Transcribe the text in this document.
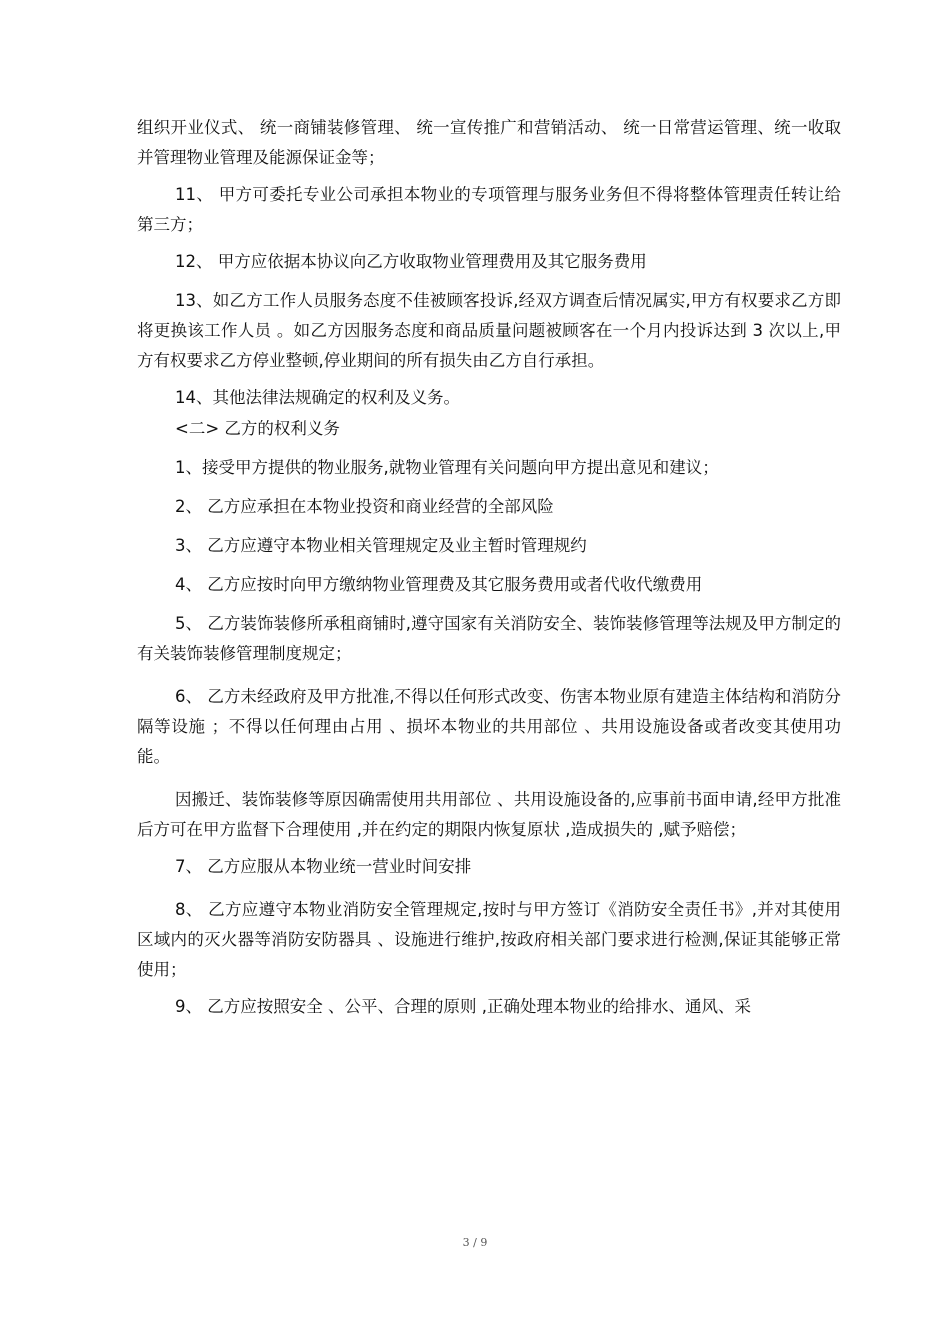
组织开业仪式、 统一商铺装修管理、 统一宣传推广和营销活动、 统一日常营运管理、统一收取并管理物业管理及能源保证金等；

11、 甲方可委托专业公司承担本物业的专项管理与服务业务但不得将整体管理责任转让给第三方；

12、 甲方应依据本协议向乙方收取物业管理费用及其它服务费用

13、如乙方工作人员服务态度不佳被顾客投诉,经双方调查后情况属实,甲方有权要求乙方即将更换该工作人员 。如乙方因服务态度和商品质量问题被顾客在一个月内投诉达到 3 次以上,甲方有权要求乙方停业整顿,停业期间的所有损失由乙方自行承担。

14、其他法律法规确定的权利及义务。

<二> 乙方的权利义务

1、接受甲方提供的物业服务,就物业管理有关问题向甲方提出意见和建议；

2、 乙方应承担在本物业投资和商业经营的全部风险

3、 乙方应遵守本物业相关管理规定及业主暂时管理规约

4、 乙方应按时向甲方缴纳物业管理费及其它服务费用或者代收代缴费用

5、 乙方装饰装修所承租商铺时,遵守国家有关消防安全、装饰装修管理等法规及甲方制定的有关装饰装修管理制度规定；

6、 乙方未经政府及甲方批准,不得以任何形式改变、伤害本物业原有建造主体结构和消防分隔等设施 ；不得以任何理由占用 、损坏本物业的共用部位 、共用设施设备或者改变其使用功能。

因搬迁、装饰装修等原因确需使用共用部位 、共用设施设备的,应事前书面申请,经甲方批准后方可在甲方监督下合理使用 ,并在约定的期限内恢复原状 ,造成损失的 ,赋予赔偿；

7、 乙方应服从本物业统一营业时间安排

8、 乙方应遵守本物业消防安全管理规定,按时与甲方签订《消防安全责任书》,并对其使用区域内的灭火器等消防安防器具 、设施进行维护,按政府相关部门要求进行检测,保证其能够正常使用；

9、 乙方应按照安全 、公平、合理的原则 ,正确处理本物业的给排水、通风、采

3 / 9
